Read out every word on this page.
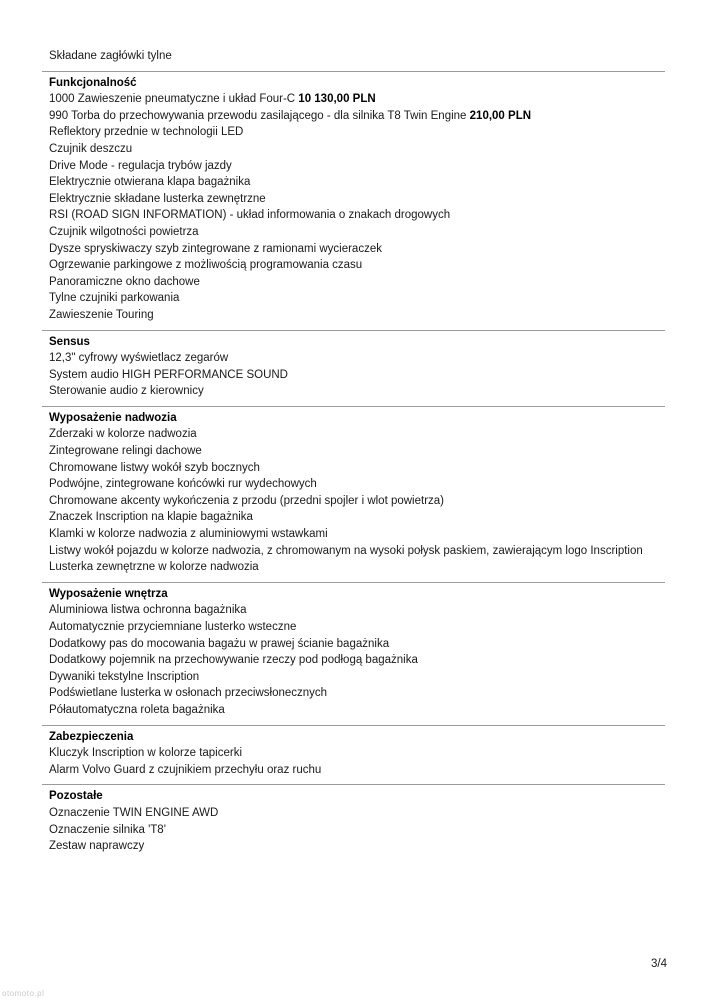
Składane zagłówki tylne
Funkcjonalność
1000 Zawieszenie pneumatyczne i układ Four-C 10 130,00 PLN
990 Torba do przechowywania przewodu zasilającego - dla silnika T8 Twin Engine 210,00 PLN
Reflektory przednie w technologii LED
Czujnik deszczu
Drive Mode - regulacja trybów jazdy
Elektrycznie otwierana klapa bagażnika
Elektrycznie składane lusterka zewnętrzne
RSI (ROAD SIGN INFORMATION) - układ informowania o znakach drogowych
Czujnik wilgotności powietrza
Dysze spryskiwaczy szyb zintegrowane z ramionami wycieraczek
Ogrzewanie parkingowe z możliwością programowania czasu
Panoramiczne okno dachowe
Tylne czujniki parkowania
Zawieszenie Touring
Sensus
12,3" cyfrowy wyświetlacz zegarów
System audio HIGH PERFORMANCE SOUND
Sterowanie audio z kierownicy
Wyposażenie nadwozia
Zderzaki w kolorze nadwozia
Zintegrowane relingi dachowe
Chromowane listwy wokół szyb bocznych
Podwójne, zintegrowane końcówki rur wydechowych
Chromowane akcenty wykończenia z przodu (przedni spojler i wlot powietrza)
Znaczek Inscription na klapie bagażnika
Klamki w kolorze nadwozia z aluminiowymi wstawkami
Listwy wokół pojazdu w kolorze nadwozia, z chromowanym na wysoki połysk paskiem, zawierającym logo Inscription
Lusterka zewnętrzne w kolorze nadwozia
Wyposażenie wnętrza
Aluminiowa listwa ochronna bagażnika
Automatycznie przyciemniane lusterko wsteczne
Dodatkowy pas do mocowania bagażu w prawej ścianie bagażnika
Dodatkowy pojemnik na przechowywanie rzeczy pod podłogą bagażnika
Dywaniki tekstylne Inscription
Podświetlane lusterka w osłonach przeciwsłonecznych
Półautomatyczna roleta bagażnika
Zabezpieczenia
Kluczyk Inscription w kolorze tapicerki
Alarm Volvo Guard z czujnikiem przechyłu oraz ruchu
Pozostałe
Oznaczenie TWIN ENGINE AWD
Oznaczenie silnika 'T8'
Zestaw naprawczy
3/4
otomoto.pl
